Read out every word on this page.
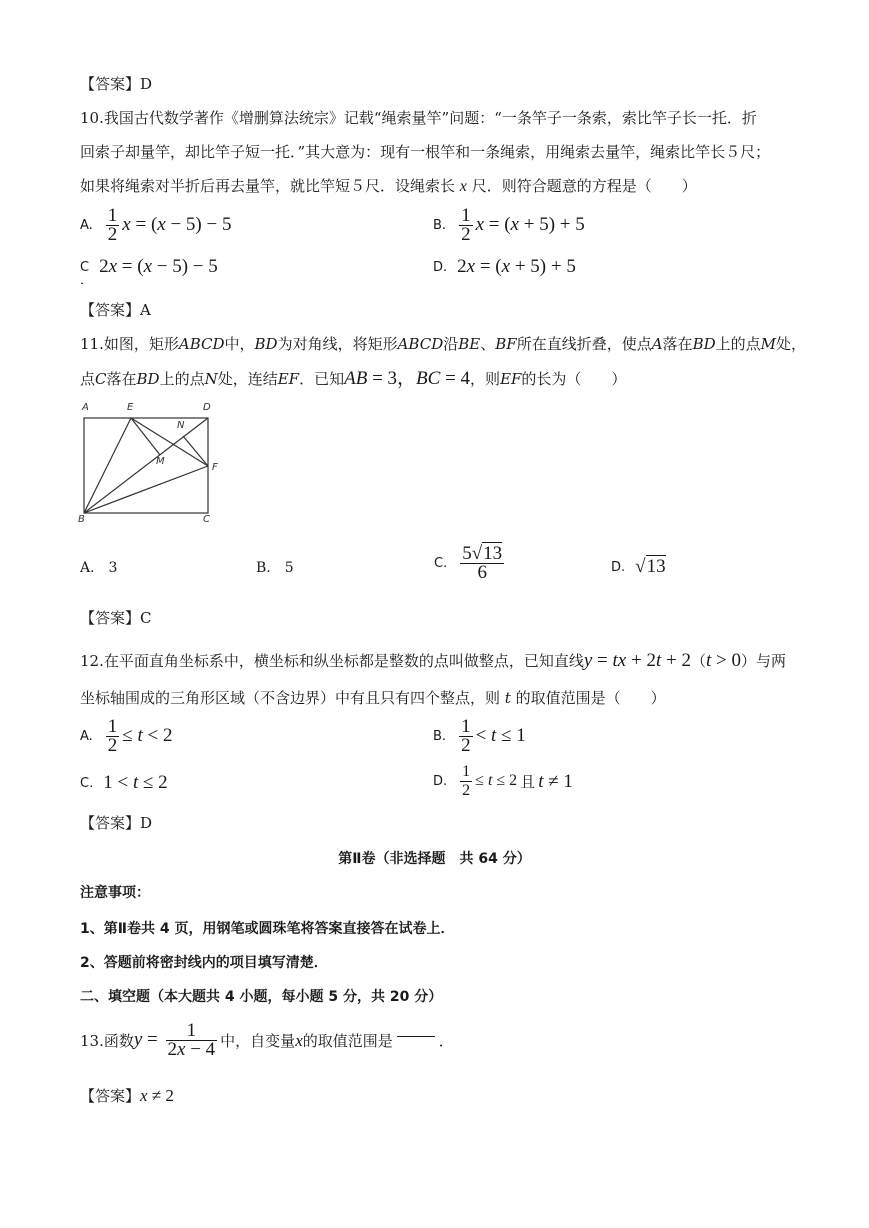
【答案】D
10.我国古代数学著作《增删算法统宗》记载“绳索量竿”问题：“一条竿子一条索，索比竿子长一托．折
回索子却量竿，却比竿子短一托．”其大意为：现有一根竿和一条绳索，用绳索去量竿，绳索比竿长５尺；
如果将绳索对半折后再去量竿，就比竿短５尺．设绳索长 x 尺．则符合题意的方程是（　　）
A. $\frac{1}{2}$ x = (x − 5) − 5	B. $\frac{1}{2}$ x = (x + 5) + 5
C 2x = (x − 5) − 5
．
D. 2x = (x + 5) + 5
【答案】A
11.如图，矩形ABCD中，BD为对角线，将矩形ABCD沿BE、BF所在直线折叠，使点A落在BD上的点M处，
点C落在BD上的点N处，连结EF．已知AB = 3，BC = 4，则EF的长为（　　）
A	E	D
N
M
F
B	C
A.　3	B.　5	C. $\frac{5√13}{6}$	D. √13
【答案】C
12.在平面直角坐标系中，横坐标和纵坐标都是整数的点叫做整点，已知直线y = tx + 2t + 2（t > 0）与两
坐标轴围成的三角形区域（不含边界）中有且只有四个整点，则 t 的取值范围是（　　）
A. $\frac{1}{2} \le t < 2$	B. $\frac{1}{2} < t \le 1$
C. 1 < t ≤ 2	D. $\frac{1}{2} \le t \le 2$ 且 t ≠ 1
【答案】D
第Ⅱ卷（非选择题　共 64 分）
注意事项：
1、第Ⅱ卷共 4 页，用钢笔或圆珠笔将答案直接答在试卷上．
2、答题前将密封线内的项目填写清楚．
二、填空题（本大题共 4 小题，每小题 5 分，共 20 分）
13.函数 $y = \frac{1}{2x - 4}$ 中，自变量 x 的取值范围是	．
【答案】x ≠ 2
